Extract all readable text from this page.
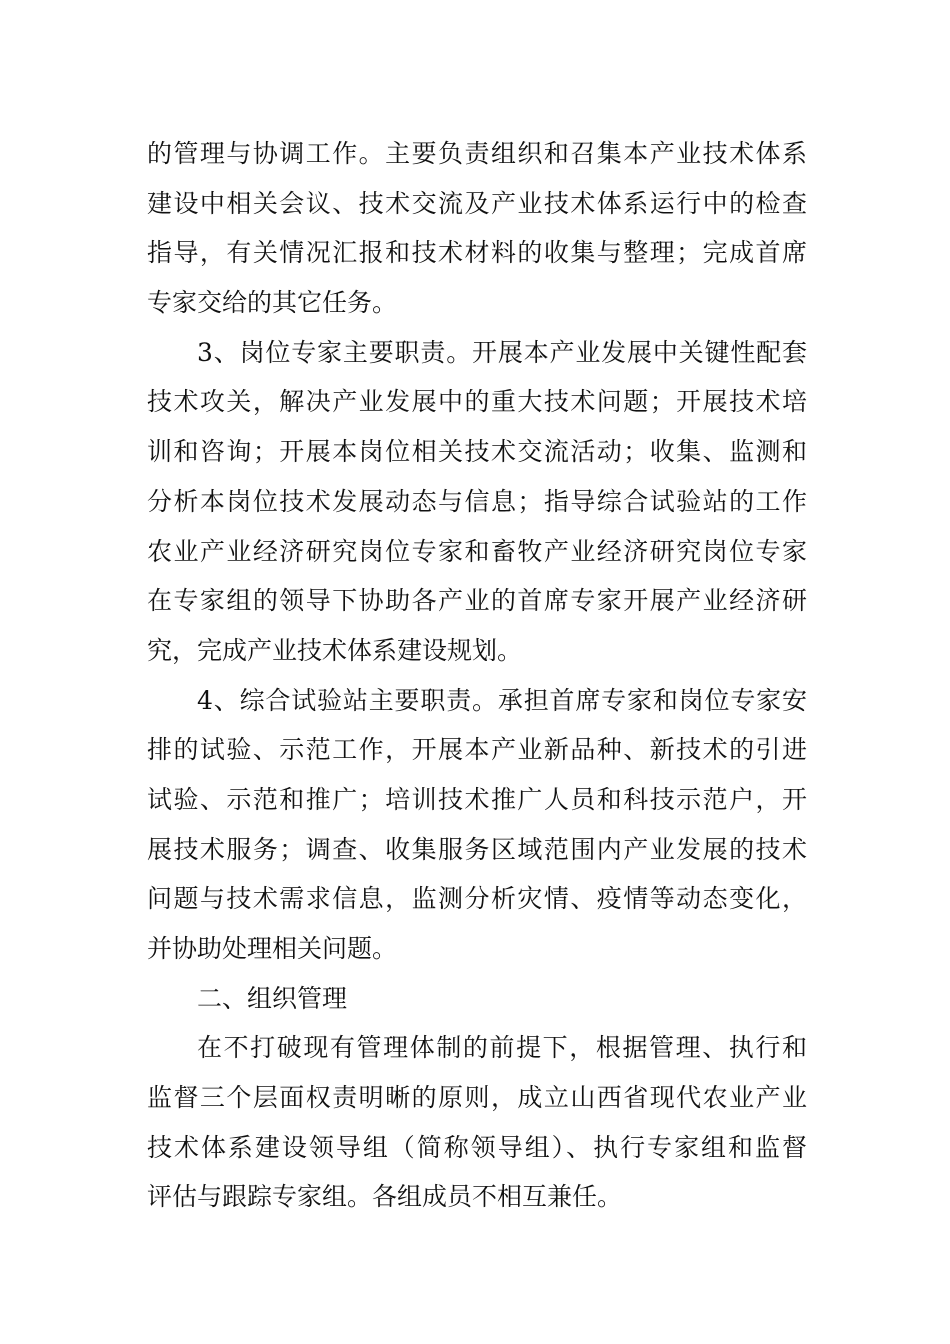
的管理与协调工作。主要负责组织和召集本产业技术体系
建设中相关会议、技术交流及产业技术体系运行中的检查
指导，有关情况汇报和技术材料的收集与整理；完成首席
专家交给的其它任务。
3、岗位专家主要职责。开展本产业发展中关键性配套
技术攻关，解决产业发展中的重大技术问题；开展技术培
训和咨询；开展本岗位相关技术交流活动；收集、监测和
分析本岗位技术发展动态与信息；指导综合试验站的工作
农业产业经济研究岗位专家和畜牧产业经济研究岗位专家
在专家组的领导下协助各产业的首席专家开展产业经济研
究，完成产业技术体系建设规划。
4、综合试验站主要职责。承担首席专家和岗位专家安
排的试验、示范工作，开展本产业新品种、新技术的引进
试验、示范和推广；培训技术推广人员和科技示范户，开
展技术服务；调查、收集服务区域范围内产业发展的技术
问题与技术需求信息，监测分析灾情、疫情等动态变化，
并协助处理相关问题。
二、组织管理
在不打破现有管理体制的前提下，根据管理、执行和
监督三个层面权责明晰的原则，成立山西省现代农业产业
技术体系建设领导组（简称领导组）、执行专家组和监督
评估与跟踪专家组。各组成员不相互兼任。
